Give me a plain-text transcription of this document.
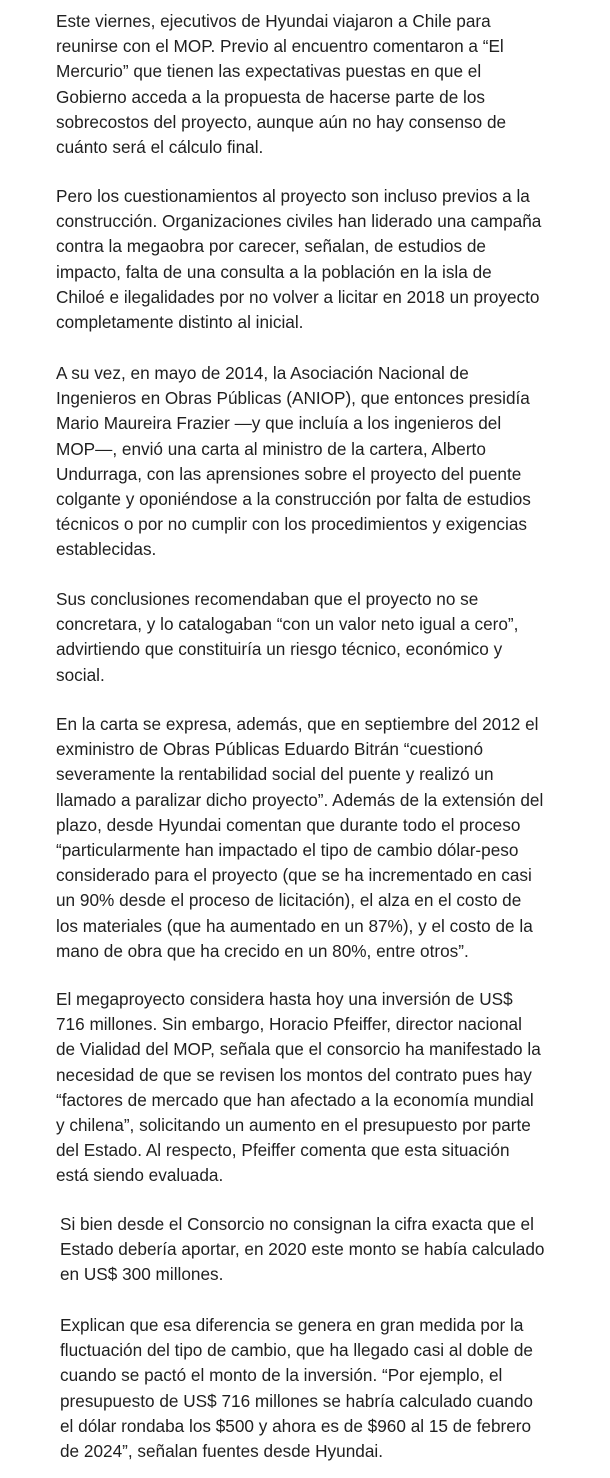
Este viernes, ejecutivos de Hyundai viajaron a Chile para
reunirse con el MOP. Previo al encuentro comentaron a “El
Mercurio” que tienen las expectativas puestas en que el
Gobierno acceda a la propuesta de hacerse parte de los
sobrecostos del proyecto, aunque aún no hay consenso de
cuánto será el cálculo final.

Pero los cuestionamientos al proyecto son incluso previos a la
construcción. Organizaciones civiles han liderado una campaña
contra la megaobra por carecer, señalan, de estudios de
impacto, falta de una consulta a la población en la isla de
Chiloé e ilegalidades por no volver a licitar en 2018 un proyecto
completamente distinto al inicial.

A su vez, en mayo de 2014, la Asociación Nacional de
Ingenieros en Obras Públicas (ANIOP), que entonces presidía
Mario Maureira Frazier —y que incluía a los ingenieros del
MOP—, envió una carta al ministro de la cartera, Alberto
Undurraga, con las aprensiones sobre el proyecto del puente
colgante y oponiéndose a la construcción por falta de estudios
técnicos o por no cumplir con los procedimientos y exigencias
establecidas.

Sus conclusiones recomendaban que el proyecto no se
concretara, y lo catalogaban “con un valor neto igual a cero”,
advirtiendo que constituiría un riesgo técnico, económico y
social.

En la carta se expresa, además, que en septiembre del 2012 el
exministro de Obras Públicas Eduardo Bitrán “cuestionó
severamente la rentabilidad social del puente y realizó un
llamado a paralizar dicho proyecto”. Además de la extensión del
plazo, desde Hyundai comentan que durante todo el proceso
“particularmente han impactado el tipo de cambio dólar-peso
considerado para el proyecto (que se ha incrementado en casi
un 90% desde el proceso de licitación), el alza en el costo de
los materiales (que ha aumentado en un 87%), y el costo de la
mano de obra que ha crecido en un 80%, entre otros”.

El megaproyecto considera hasta hoy una inversión de US$
716 millones. Sin embargo, Horacio Pfeiffer, director nacional
de Vialidad del MOP, señala que el consorcio ha manifestado la
necesidad de que se revisen los montos del contrato pues hay
“factores de mercado que han afectado a la economía mundial
y chilena”, solicitando un aumento en el presupuesto por parte
del Estado. Al respecto, Pfeiffer comenta que esta situación
está siendo evaluada.

Si bien desde el Consorcio no consignan la cifra exacta que el
Estado debería aportar, en 2020 este monto se había calculado
en US$ 300 millones.

Explican que esa diferencia se genera en gran medida por la
fluctuación del tipo de cambio, que ha llegado casi al doble de
cuando se pactó el monto de la inversión. “Por ejemplo, el
presupuesto de US$ 716 millones se habría calculado cuando
el dólar rondaba los $500 y ahora es de $960 al 15 de febrero
de 2024”, señalan fuentes desde Hyundai.
